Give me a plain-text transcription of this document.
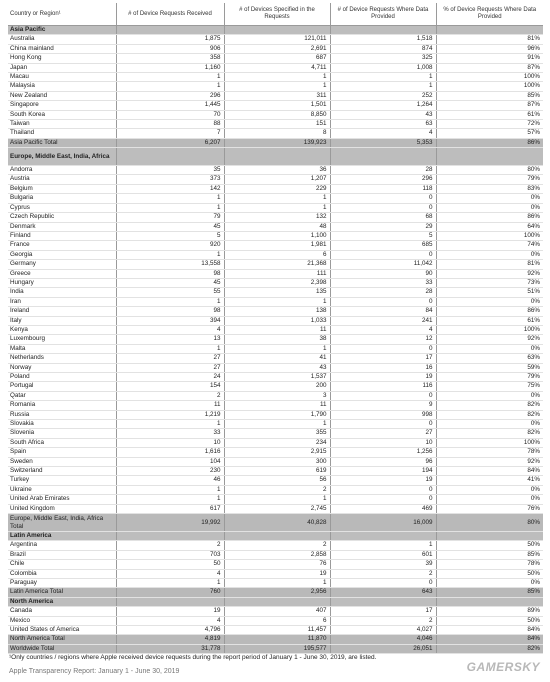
Country or Region¹	# of Device Requests Received	# of Devices Specified in the Requests	# of Device Requests Where Data Provided	% of Device Requests Where Data Provided
Asia Pacific				
Australia	1,875	121,011	1,518	81%
China mainland	906	2,691	874	96%
Hong Kong	358	687	325	91%
Japan	1,160	4,711	1,008	87%
Macau	1	1	1	100%
Malaysia	1	1	1	100%
New Zealand	296	311	252	85%
Singapore	1,445	1,501	1,264	87%
South Korea	70	8,850	43	61%
Taiwan	88	151	63	72%
Thailand	7	8	4	57%
Asia Pacific Total	6,207	139,923	5,353	86%
Europe, Middle East, India, Africa				
Andorra	35	36	28	80%
Austria	373	1,207	296	79%
Belgium	142	229	118	83%
Bulgaria	1	1	0	0%
Cyprus	1	1	0	0%
Czech Republic	79	132	68	86%
Denmark	45	48	29	64%
Finland	5	1,100	5	100%
France	920	1,981	685	74%
Georgia	1	6	0	0%
Germany	13,558	21,368	11,042	81%
Greece	98	111	90	92%
Hungary	45	2,398	33	73%
India	55	135	28	51%
Iran	1	1	0	0%
Ireland	98	138	84	86%
Italy	394	1,033	241	61%
Kenya	4	11	4	100%
Luxembourg	13	38	12	92%
Malta	1	1	0	0%
Netherlands	27	41	17	63%
Norway	27	43	16	59%
Poland	24	1,537	19	79%
Portugal	154	200	116	75%
Qatar	2	3	0	0%
Romania	11	11	9	82%
Russia	1,219	1,790	998	82%
Slovakia	1	1	0	0%
Slovenia	33	355	27	82%
South Africa	10	234	10	100%
Spain	1,616	2,915	1,256	78%
Sweden	104	300	96	92%
Switzerland	230	619	194	84%
Turkey	46	56	19	41%
Ukraine	1	2	0	0%
United Arab Emirates	1	1	0	0%
United Kingdom	617	2,745	469	76%
Europe, Middle East, India, Africa Total	19,992	40,828	16,009	80%
Latin America				
Argentina	2	2	1	50%
Brazil	703	2,858	601	85%
Chile	50	76	39	78%
Colombia	4	19	2	50%
Paraguay	1	1	0	0%
Latin America Total	760	2,956	643	85%
North America				
Canada	19	407	17	89%
Mexico	4	6	2	50%
United States of America	4,796	11,457	4,027	84%
North America Total	4,819	11,870	4,046	84%
Worldwide Total	31,778	195,577	26,051	82%
¹Only countries / regions where Apple received device requests during the report period of January 1 - June 30, 2019, are listed.
Apple Transparency Report: January 1 - June 30, 2019	GAMERSKY
